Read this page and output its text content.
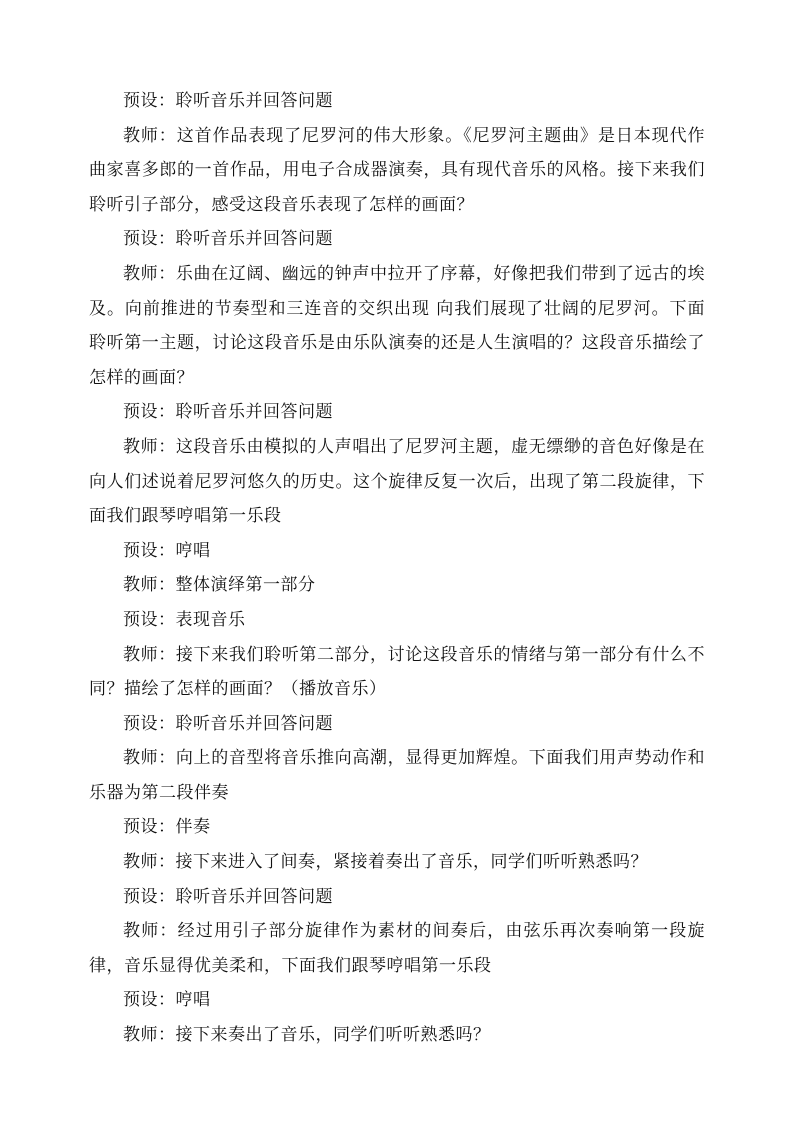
预设：聆听音乐并回答问题

教师：这首作品表现了尼罗河的伟大形象。《尼罗河主题曲》是日本现代作曲家喜多郎的一首作品，用电子合成器演奏，具有现代音乐的风格。接下来我们聆听引子部分，感受这段音乐表现了怎样的画面？

预设：聆听音乐并回答问题

教师：乐曲在辽阔、幽远的钟声中拉开了序幕，好像把我们带到了远古的埃及。向前推进的节奏型和三连音的交织出现 向我们展现了壮阔的尼罗河。下面聆听第一主题，讨论这段音乐是由乐队演奏的还是人生演唱的？这段音乐描绘了怎样的画面？

预设：聆听音乐并回答问题

教师：这段音乐由模拟的人声唱出了尼罗河主题，虚无缥缈的音色好像是在向人们述说着尼罗河悠久的历史。这个旋律反复一次后，出现了第二段旋律，下面我们跟琴哼唱第一乐段

预设：哼唱

教师：整体演绎第一部分

预设：表现音乐

教师：接下来我们聆听第二部分，讨论这段音乐的情绪与第一部分有什么不同？描绘了怎样的画面？（播放音乐）

预设：聆听音乐并回答问题

教师：向上的音型将音乐推向高潮，显得更加辉煌。下面我们用声势动作和乐器为第二段伴奏

预设：伴奏

教师：接下来进入了间奏，紧接着奏出了音乐，同学们听听熟悉吗？

预设：聆听音乐并回答问题

教师：经过用引子部分旋律作为素材的间奏后，由弦乐再次奏响第一段旋律，音乐显得优美柔和，下面我们跟琴哼唱第一乐段

预设：哼唱

教师：接下来奏出了音乐，同学们听听熟悉吗？
